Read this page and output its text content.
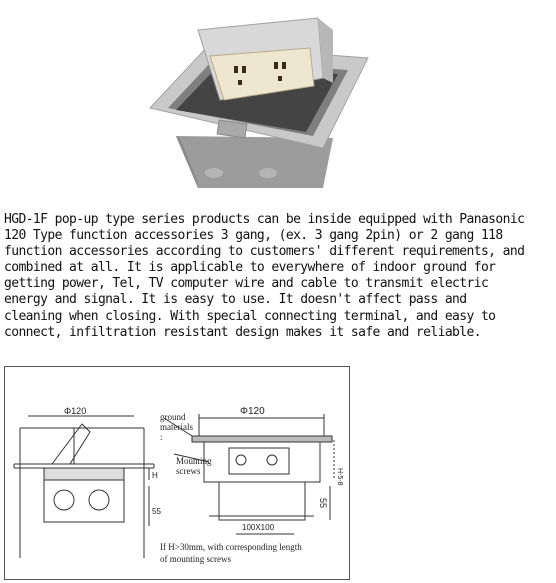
HGD-1F pop-up type series products can be inside equipped with Panasonic
120 Type function accessories 3 gang, (ex. 3 gang 2pin) or 2 gang 118
function accessories according to customers' different requirements, and
combined at all. It is applicable to everywhere of indoor ground for
getting power, Tel, TV computer wire and cable to transmit electric
energy and signal. It is easy to use. It doesn't affect pass and
cleaning when closing. With special connecting terminal, and easy to
connect, infiltration resistant design makes it safe and reliable.
Φ120
H
55
Φ120
ground
materials
:
Mounting
screws	H-5-8
55
100X100
If H>30mm, with corresponding length
of mounting screws
